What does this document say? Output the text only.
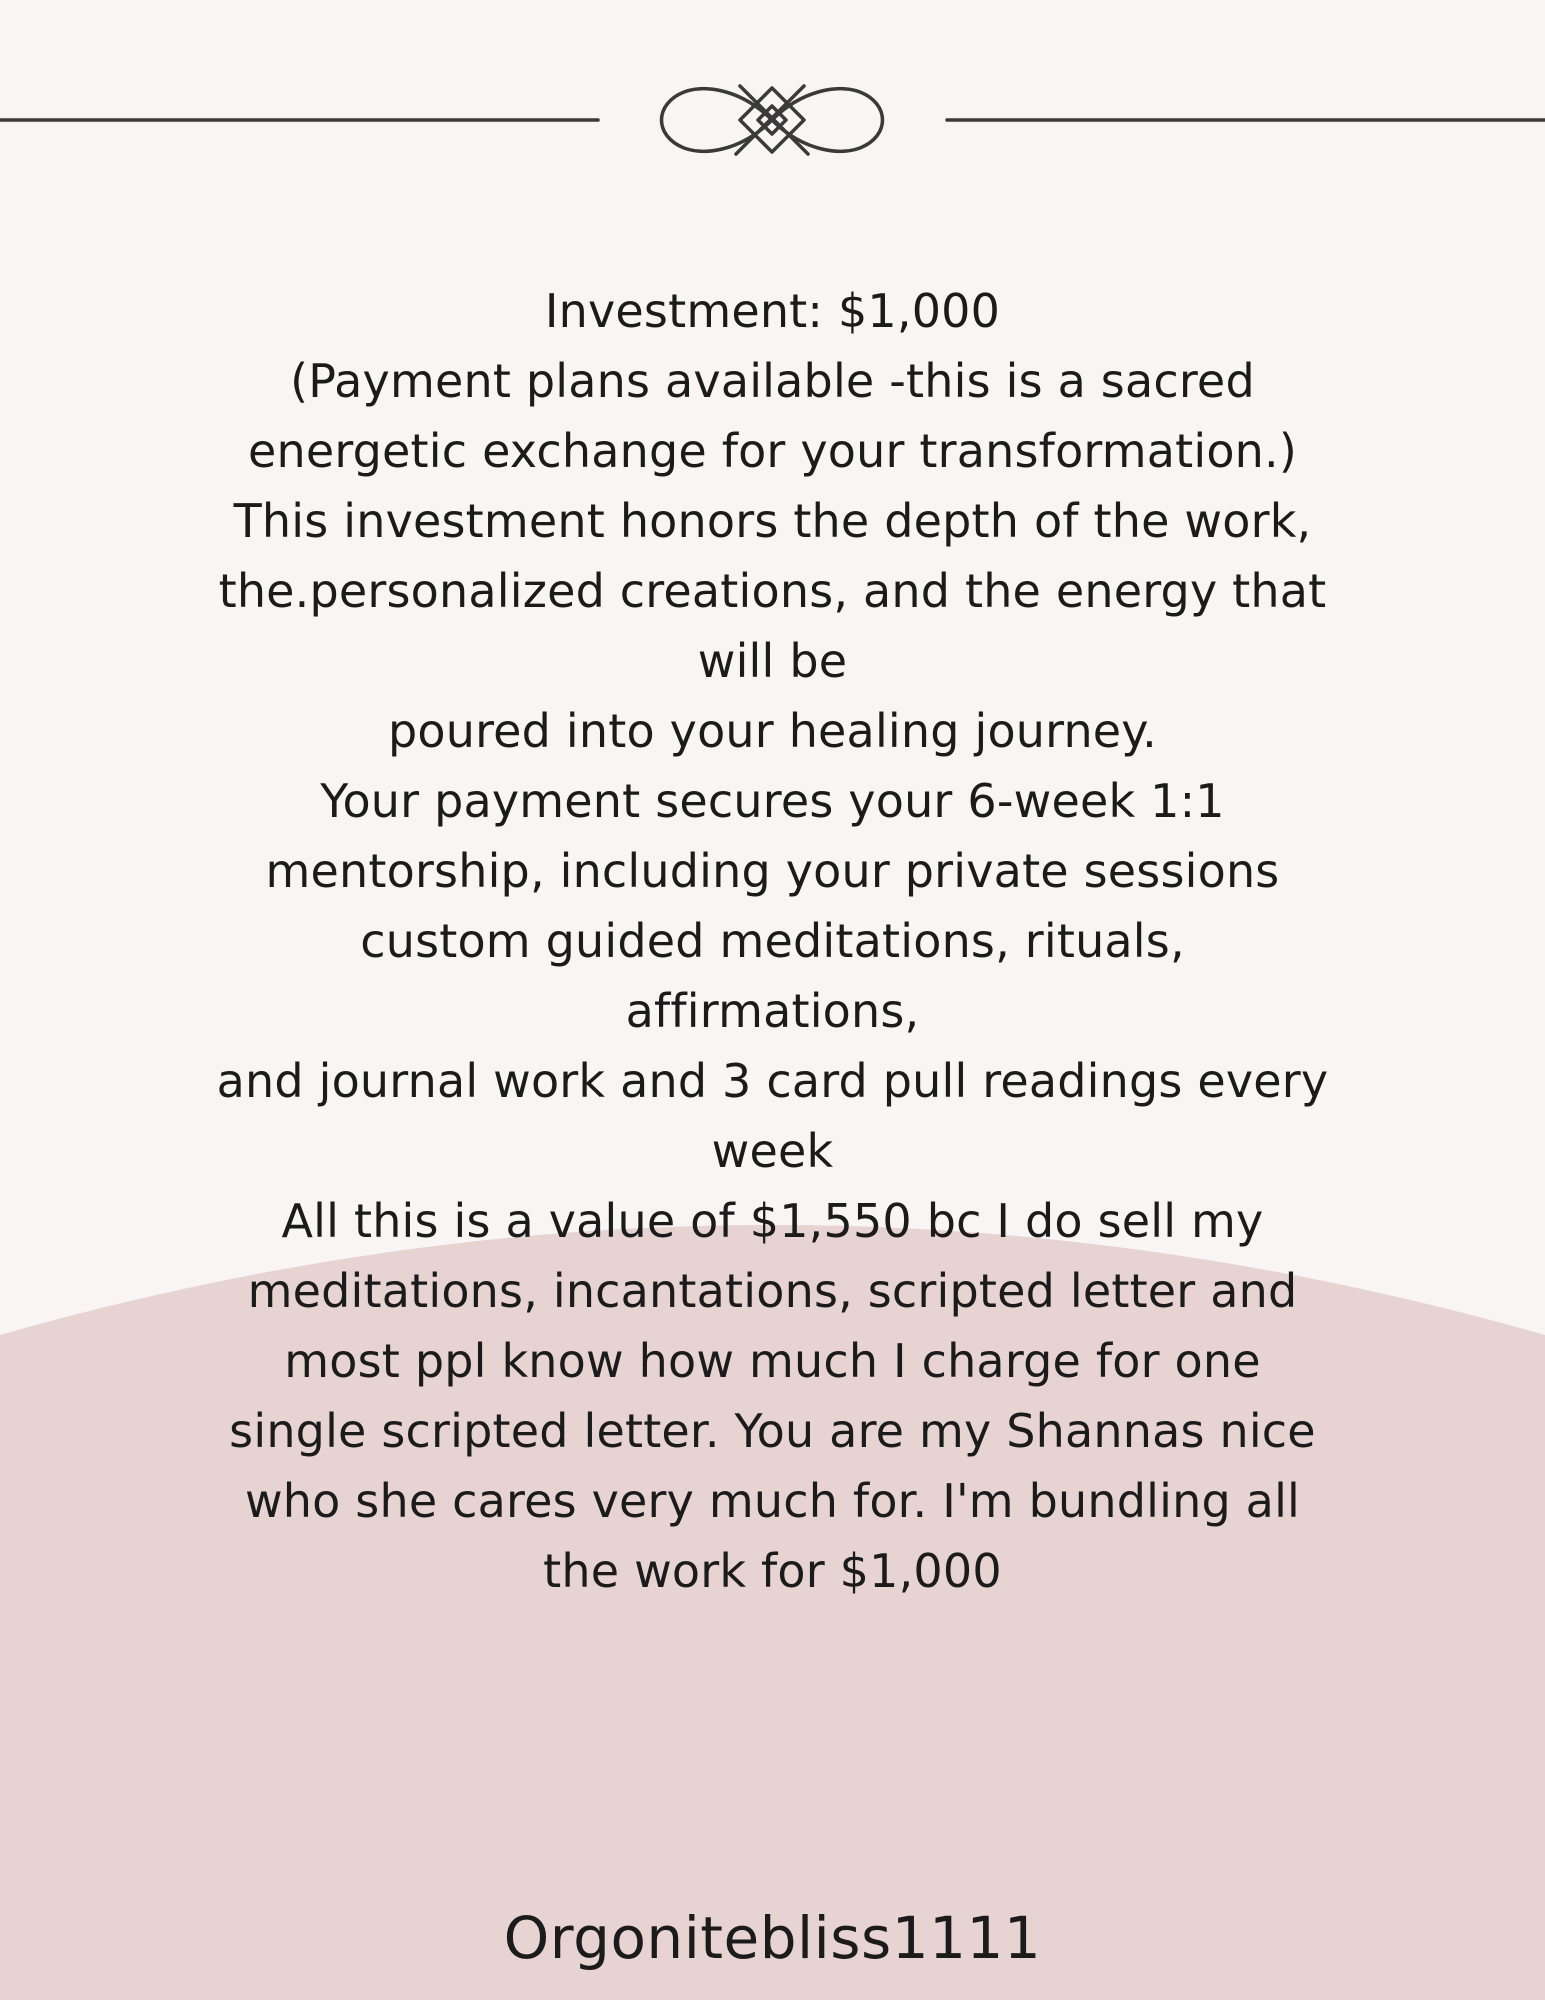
Investment: $1,000

(Payment plans available -this is a sacred

energetic exchange for your transformation.)

This investment honors the depth of the work,

the.personalized creations, and the energy that

will be

poured into your healing journey.

Your payment secures your 6-week 1:1

mentorship, including your private sessions

custom guided meditations, rituals,

affirmations,

and journal work and 3 card pull readings every

week

All this is a value of $1,550 bc I do sell my

meditations, incantations, scripted letter and

most ppl know how much I charge for one

single scripted letter. You are my Shannas nice

who she cares very much for. I'm bundling all

the work for $1,000

Orgonitebliss1111
